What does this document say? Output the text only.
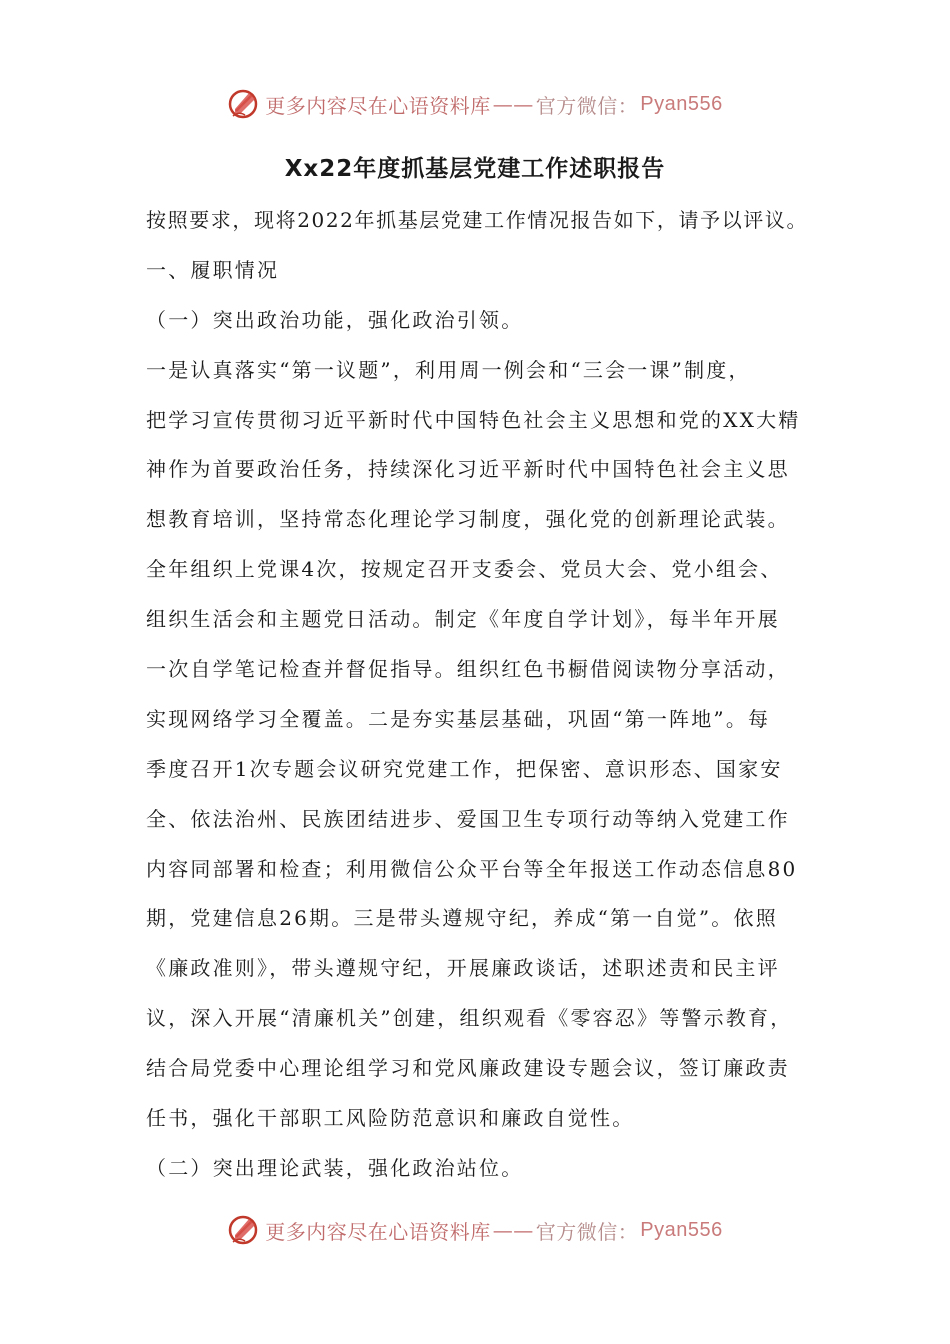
更多内容尽在心语资料库 —— 官方微信： Pyan556
Xx22年度抓基层党建工作述职报告
按照要求，现将2022年抓基层党建工作情况报告如下，请予以评议。
一、履职情况
（一）突出政治功能，强化政治引领。
一是认真落实“第一议题”，利用周一例会和“三会一课”制度，
把学习宣传贯彻习近平新时代中国特色社会主义思想和党的XX大精
神作为首要政治任务，持续深化习近平新时代中国特色社会主义思
想教育培训，坚持常态化理论学习制度，强化党的创新理论武装。
全年组织上党课4次，按规定召开支委会、党员大会、党小组会、
组织生活会和主题党日活动。制定《年度自学计划》，每半年开展
一次自学笔记检查并督促指导。组织红色书橱借阅读物分享活动，
实现网络学习全覆盖。二是夯实基层基础，巩固“第一阵地”。每
季度召开1次专题会议研究党建工作，把保密、意识形态、国家安
全、依法治州、民族团结进步、爱国卫生专项行动等纳入党建工作
内容同部署和检查；利用微信公众平台等全年报送工作动态信息80
期，党建信息26期。三是带头遵规守纪，养成“第一自觉”。依照
《廉政准则》，带头遵规守纪，开展廉政谈话，述职述责和民主评
议，深入开展“清廉机关”创建，组织观看《零容忍》等警示教育，
结合局党委中心理论组学习和党风廉政建设专题会议，签订廉政责
任书，强化干部职工风险防范意识和廉政自觉性。
（二）突出理论武装，强化政治站位。
更多内容尽在心语资料库 —— 官方微信： Pyan556
